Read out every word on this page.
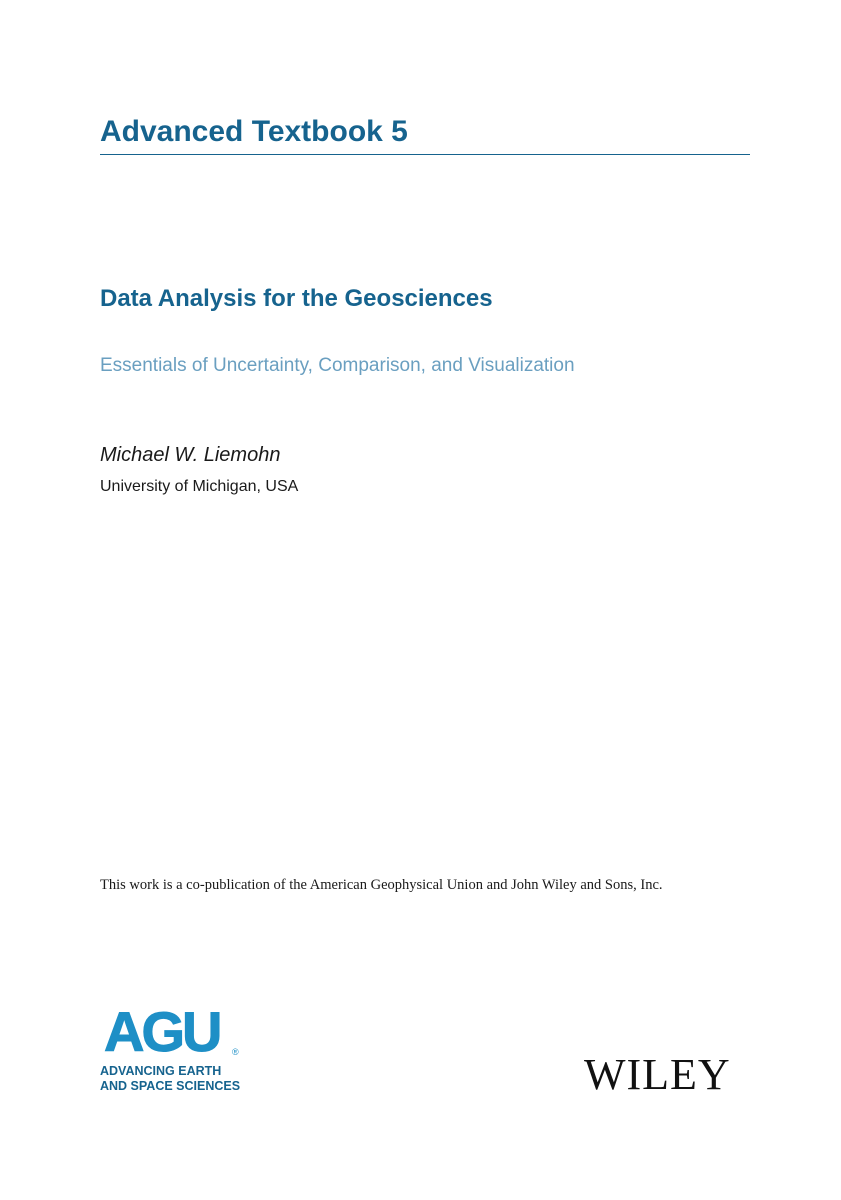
Advanced Textbook 5
Data Analysis for the Geosciences

Essentials of Uncertainty, Comparison, and Visualization

Michael W. Liemohn

University of Michigan, USA

This work is a co-publication of the American Geophysical Union and John Wiley and Sons, Inc.

AGU ®
ADVANCING EARTH
AND SPACE SCIENCES	WILEY
